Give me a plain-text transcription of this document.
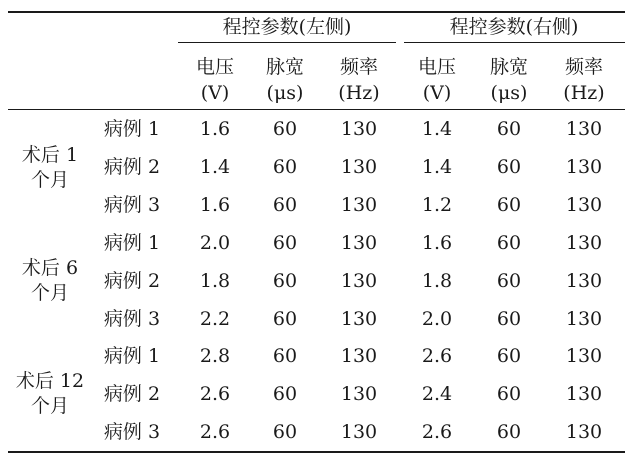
程控参数(左侧)	程控参数(右侧)
电压
(V)
脉宽
(μs)
频率
(Hz)
电压
(V)
脉宽
(μs)
频率
(Hz)
术后 1
个月
术后 6
个月
术后 12
个月
病例 1 1.6 60 130 1.4 60 130
病例 2 1.4 60 130 1.4 60 130
病例 3 1.6 60 130 1.2 60 130
病例 1 2.0 60 130 1.6 60 130
病例 2 1.8 60 130 1.8 60 130
病例 3 2.2 60 130 2.0 60 130
病例 1 2.8 60 130 2.6 60 130
病例 2 2.6 60 130 2.4 60 130
病例 3 2.6 60 130 2.6 60 130
